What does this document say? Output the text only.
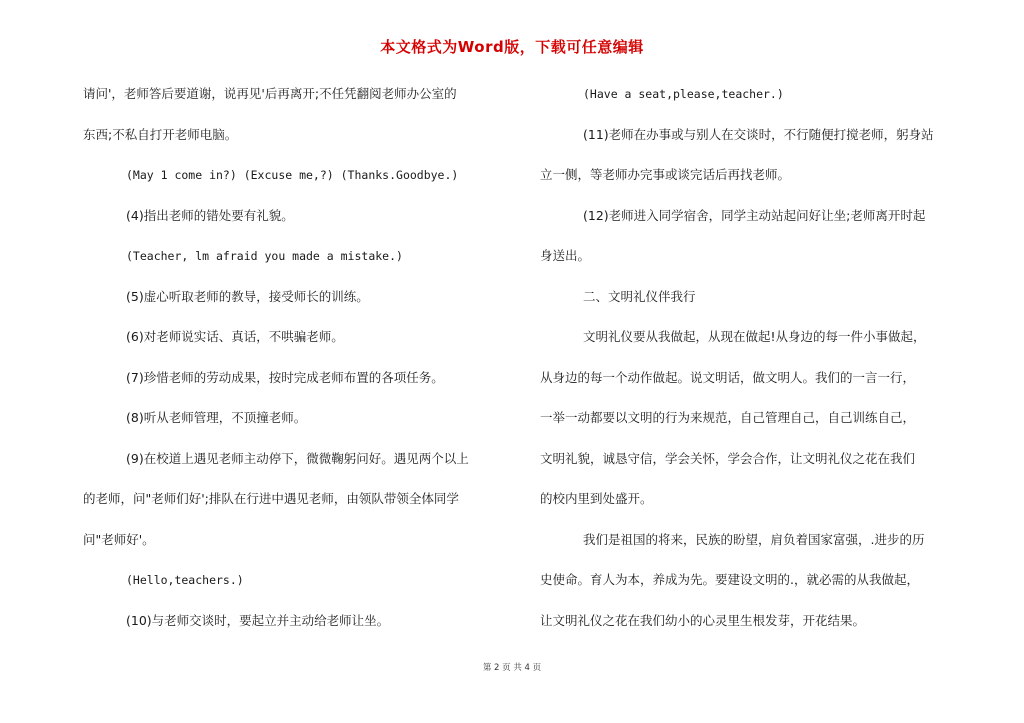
本文格式为Word版，下载可任意编辑
请问'，老师答后要道谢，说再见'后再离开;不任凭翻阅老师办公室的
东西;不私自打开老师电脑。
(May 1 come in?) (Excuse me,?) (Thanks.Goodbye.)
(4)指出老师的错处要有礼貌。
(Teacher, lm afraid you made a mistake.)
(5)虚心听取老师的教导，接受师长的训练。
(6)对老师说实话、真话，不哄骗老师。
(7)珍惜老师的劳动成果，按时完成老师布置的各项任务。
(8)听从老师管理，不顶撞老师。
(9)在校道上遇见老师主动停下，微微鞠躬问好。遇见两个以上
的老师，问"老师们好';排队在行进中遇见老师，由领队带领全体同学
问"老师好'。
(Hello,teachers.)
(10)与老师交谈时，要起立并主动给老师让坐。
(Have a seat,please,teacher.)
(11)老师在办事或与别人在交谈时，不行随便打搅老师，躬身站
立一侧，等老师办完事或谈完话后再找老师。
(12)老师进入同学宿舍，同学主动站起问好让坐;老师离开时起
身送出。
二、文明礼仪伴我行
文明礼仪要从我做起，从现在做起!从身边的每一件小事做起，
从身边的每一个动作做起。说文明话，做文明人。我们的一言一行，
一举一动都要以文明的行为来规范，自己管理自己，自己训练自己，
文明礼貌，诚恳守信，学会关怀，学会合作，让文明礼仪之花在我们
的校内里到处盛开。
我们是祖国的将来，民族的盼望，肩负着国家富强，.进步的历
史使命。育人为本，养成为先。要建设文明的.，就必需的从我做起，
让文明礼仪之花在我们幼小的心灵里生根发芽，开花结果。
第 2 页 共 4 页
